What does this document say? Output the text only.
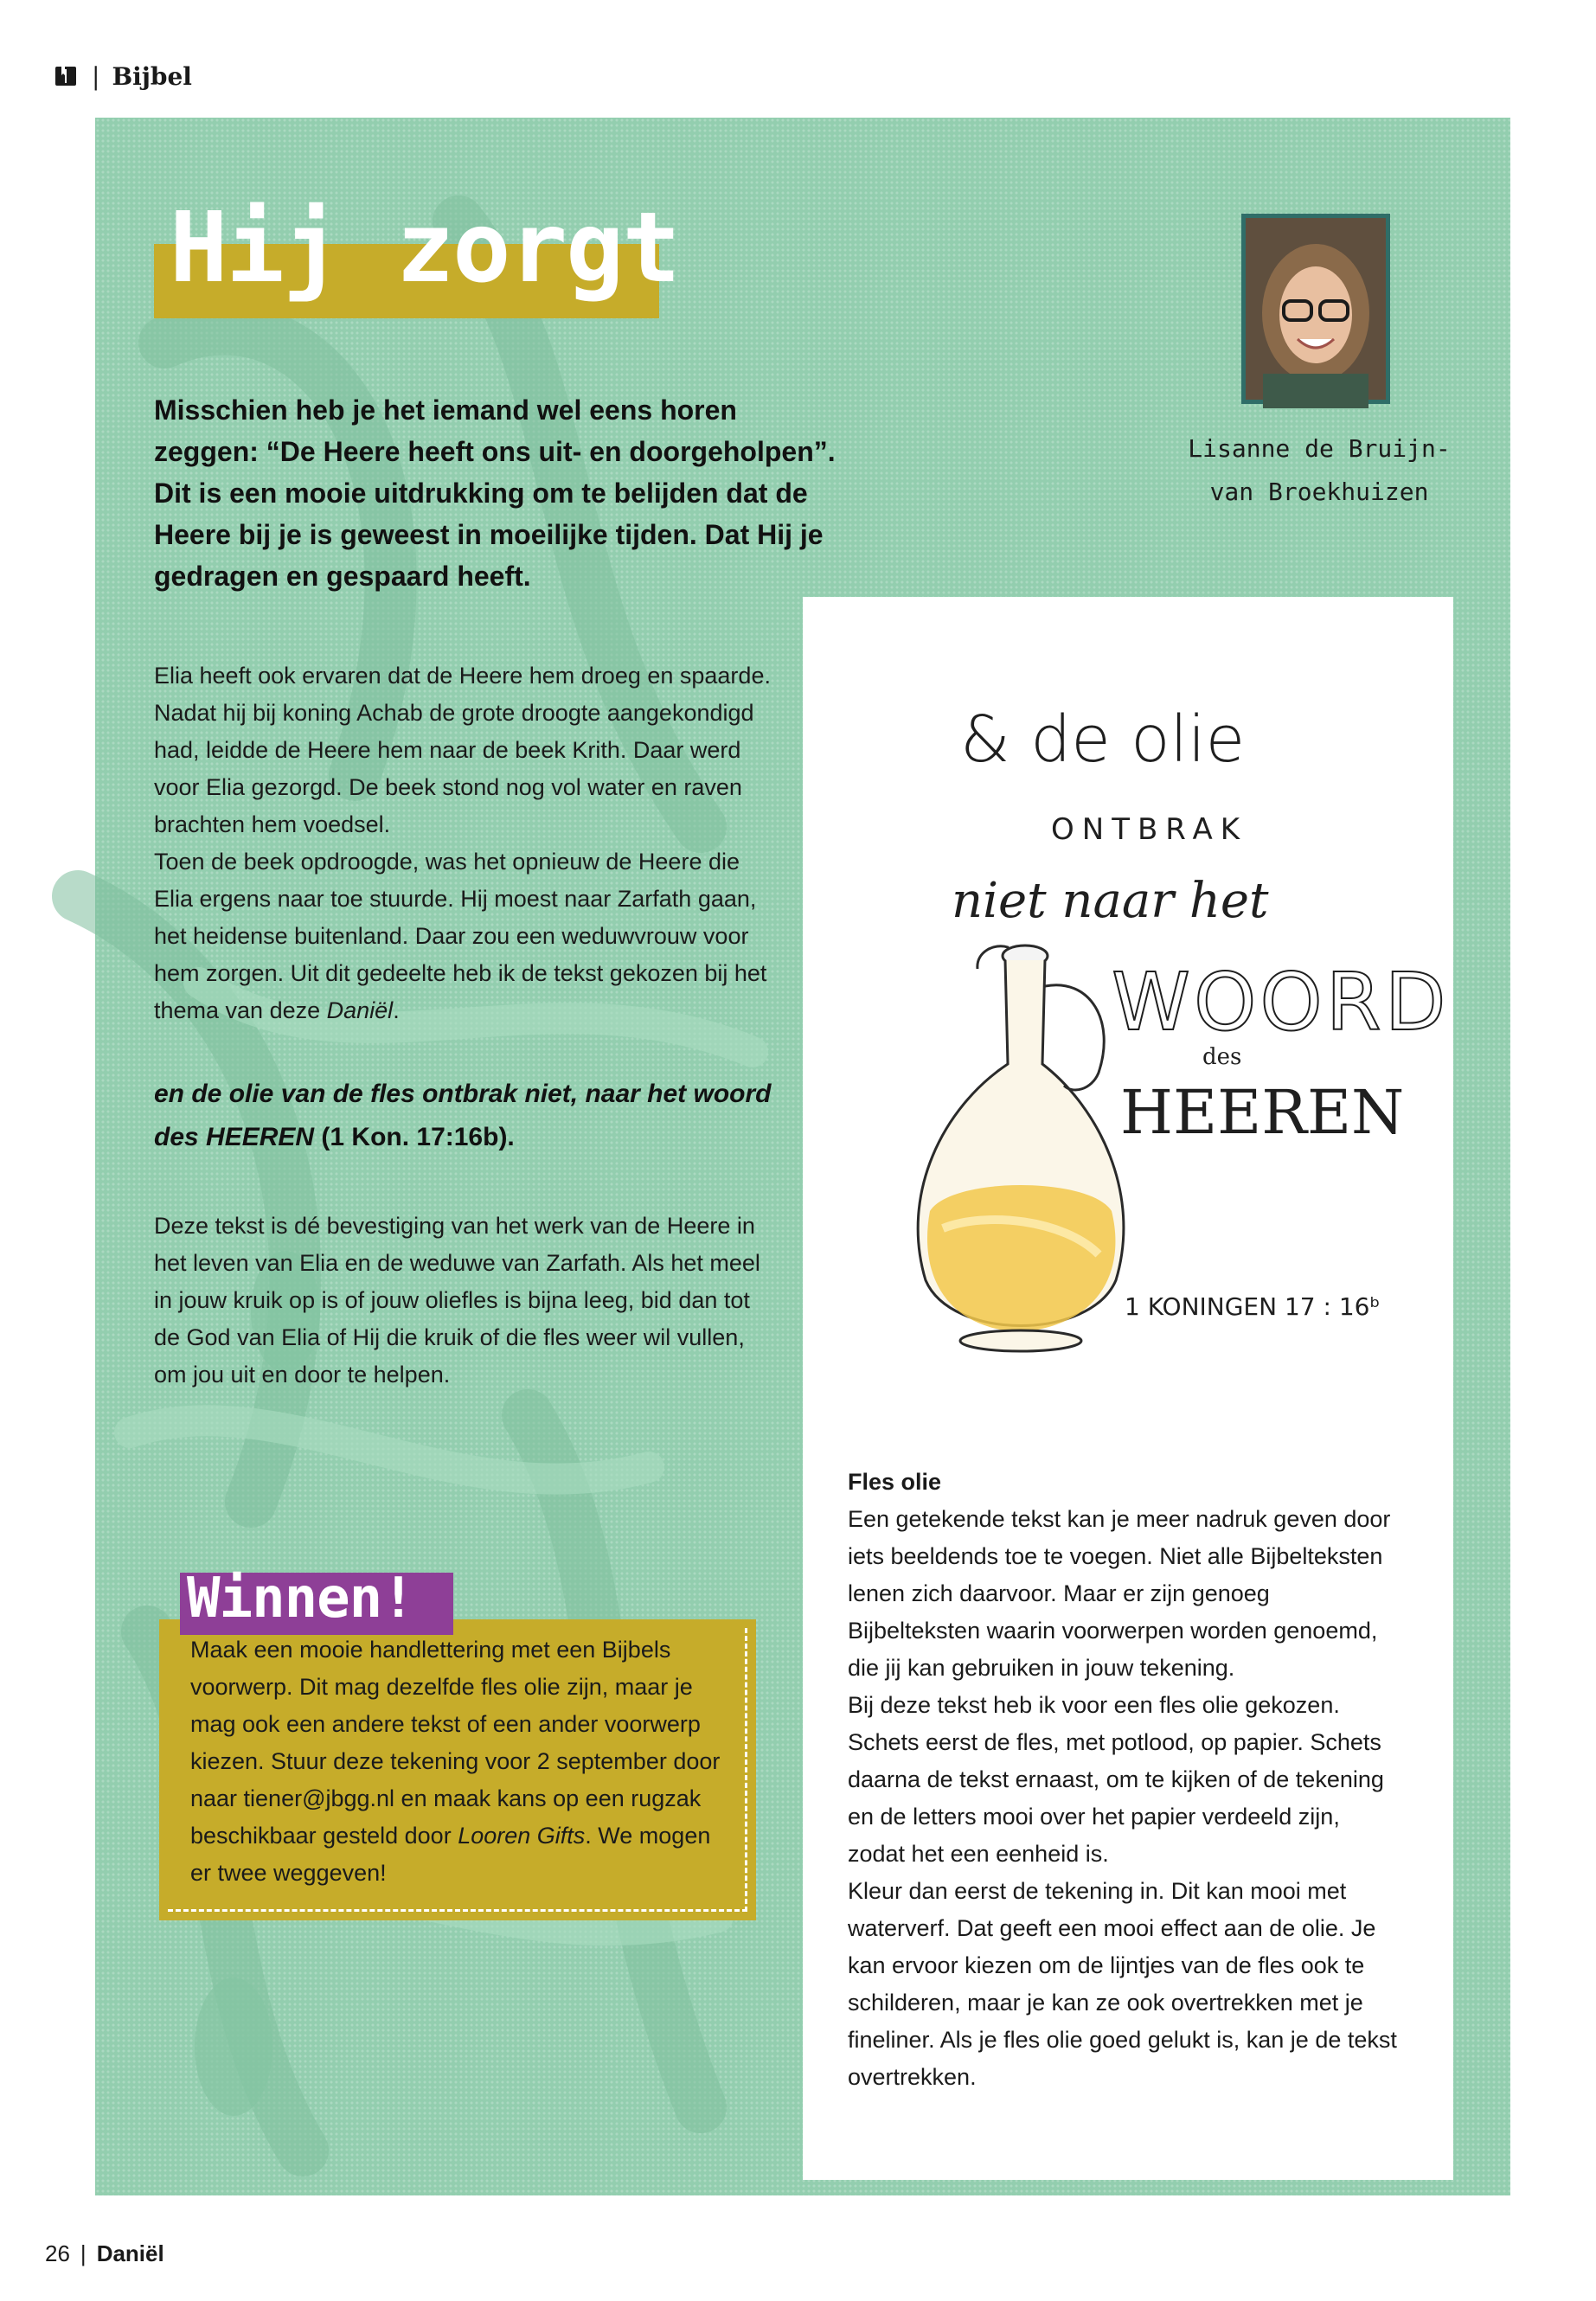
| Bijbel
Hij zorgt

Lisanne de Bruijn-
van Broekhuizen

Misschien heb je het iemand wel eens horen zeggen: “De Heere heeft ons uit- en doorgeholpen”. Dit is een mooie uitdrukking om te belijden dat de Heere bij je is geweest in moeilijke tijden. Dat Hij je gedragen en gespaard heeft.

Elia heeft ook ervaren dat de Heere hem droeg en spaarde. Nadat hij bij koning Achab de grote droogte aangekondigd had, leidde de Heere hem naar de beek Krith. Daar werd voor Elia gezorgd. De beek stond nog vol water en raven brachten hem voedsel.

Toen de beek opdroogde, was het opnieuw de Heere die Elia ergens naar toe stuurde. Hij moest naar Zarfath gaan, het heidense buitenland. Daar zou een weduwvrouw voor hem zorgen. Uit dit gedeelte heb ik de tekst gekozen bij het thema van deze Daniël.

en de olie van de fles ontbrak niet, naar het woord des HEEREN (1 Kon. 17:16b).

Deze tekst is dé bevestiging van het werk van de Heere in het leven van Elia en de weduwe van Zarfath. Als het meel in jouw kruik op is of jouw oliefles is bijna leeg, bid dan tot de God van Elia of Hij die kruik of die fles weer wil vullen, om jou uit en door te helpen.

& de olie
ONTBRAK
niet naar het
WOORD
des
HEEREN
1 KONINGEN 17 : 16ᵇ

Fles olie

Een getekende tekst kan je meer nadruk geven door iets beeldends toe te voegen. Niet alle Bijbelteksten lenen zich daarvoor. Maar er zijn genoeg Bijbelteksten waarin voorwerpen worden genoemd, die jij kan gebruiken in jouw tekening.

Bij deze tekst heb ik voor een fles olie gekozen. Schets eerst de fles, met potlood, op papier. Schets daarna de tekst ernaast, om te kijken of de tekening en de letters mooi over het papier verdeeld zijn, zodat het een eenheid is.

Kleur dan eerst de tekening in. Dit kan mooi met waterverf. Dat geeft een mooi effect aan de olie. Je kan ervoor kiezen om de lijntjes van de fles ook te schilderen, maar je kan ze ook overtrekken met je fineliner. Als je fles olie goed gelukt is, kan je de tekst overtrekken.

Winnen!

Maak een mooie handlettering met een Bijbels voorwerp. Dit mag dezelfde fles olie zijn, maar je mag ook een andere tekst of een ander voorwerp kiezen. Stuur deze tekening voor 2 september door naar tiener@jbgg.nl en maak kans op een rugzak beschikbaar gesteld door Looren Gifts. We mogen er twee weggeven!

26 | Daniël
